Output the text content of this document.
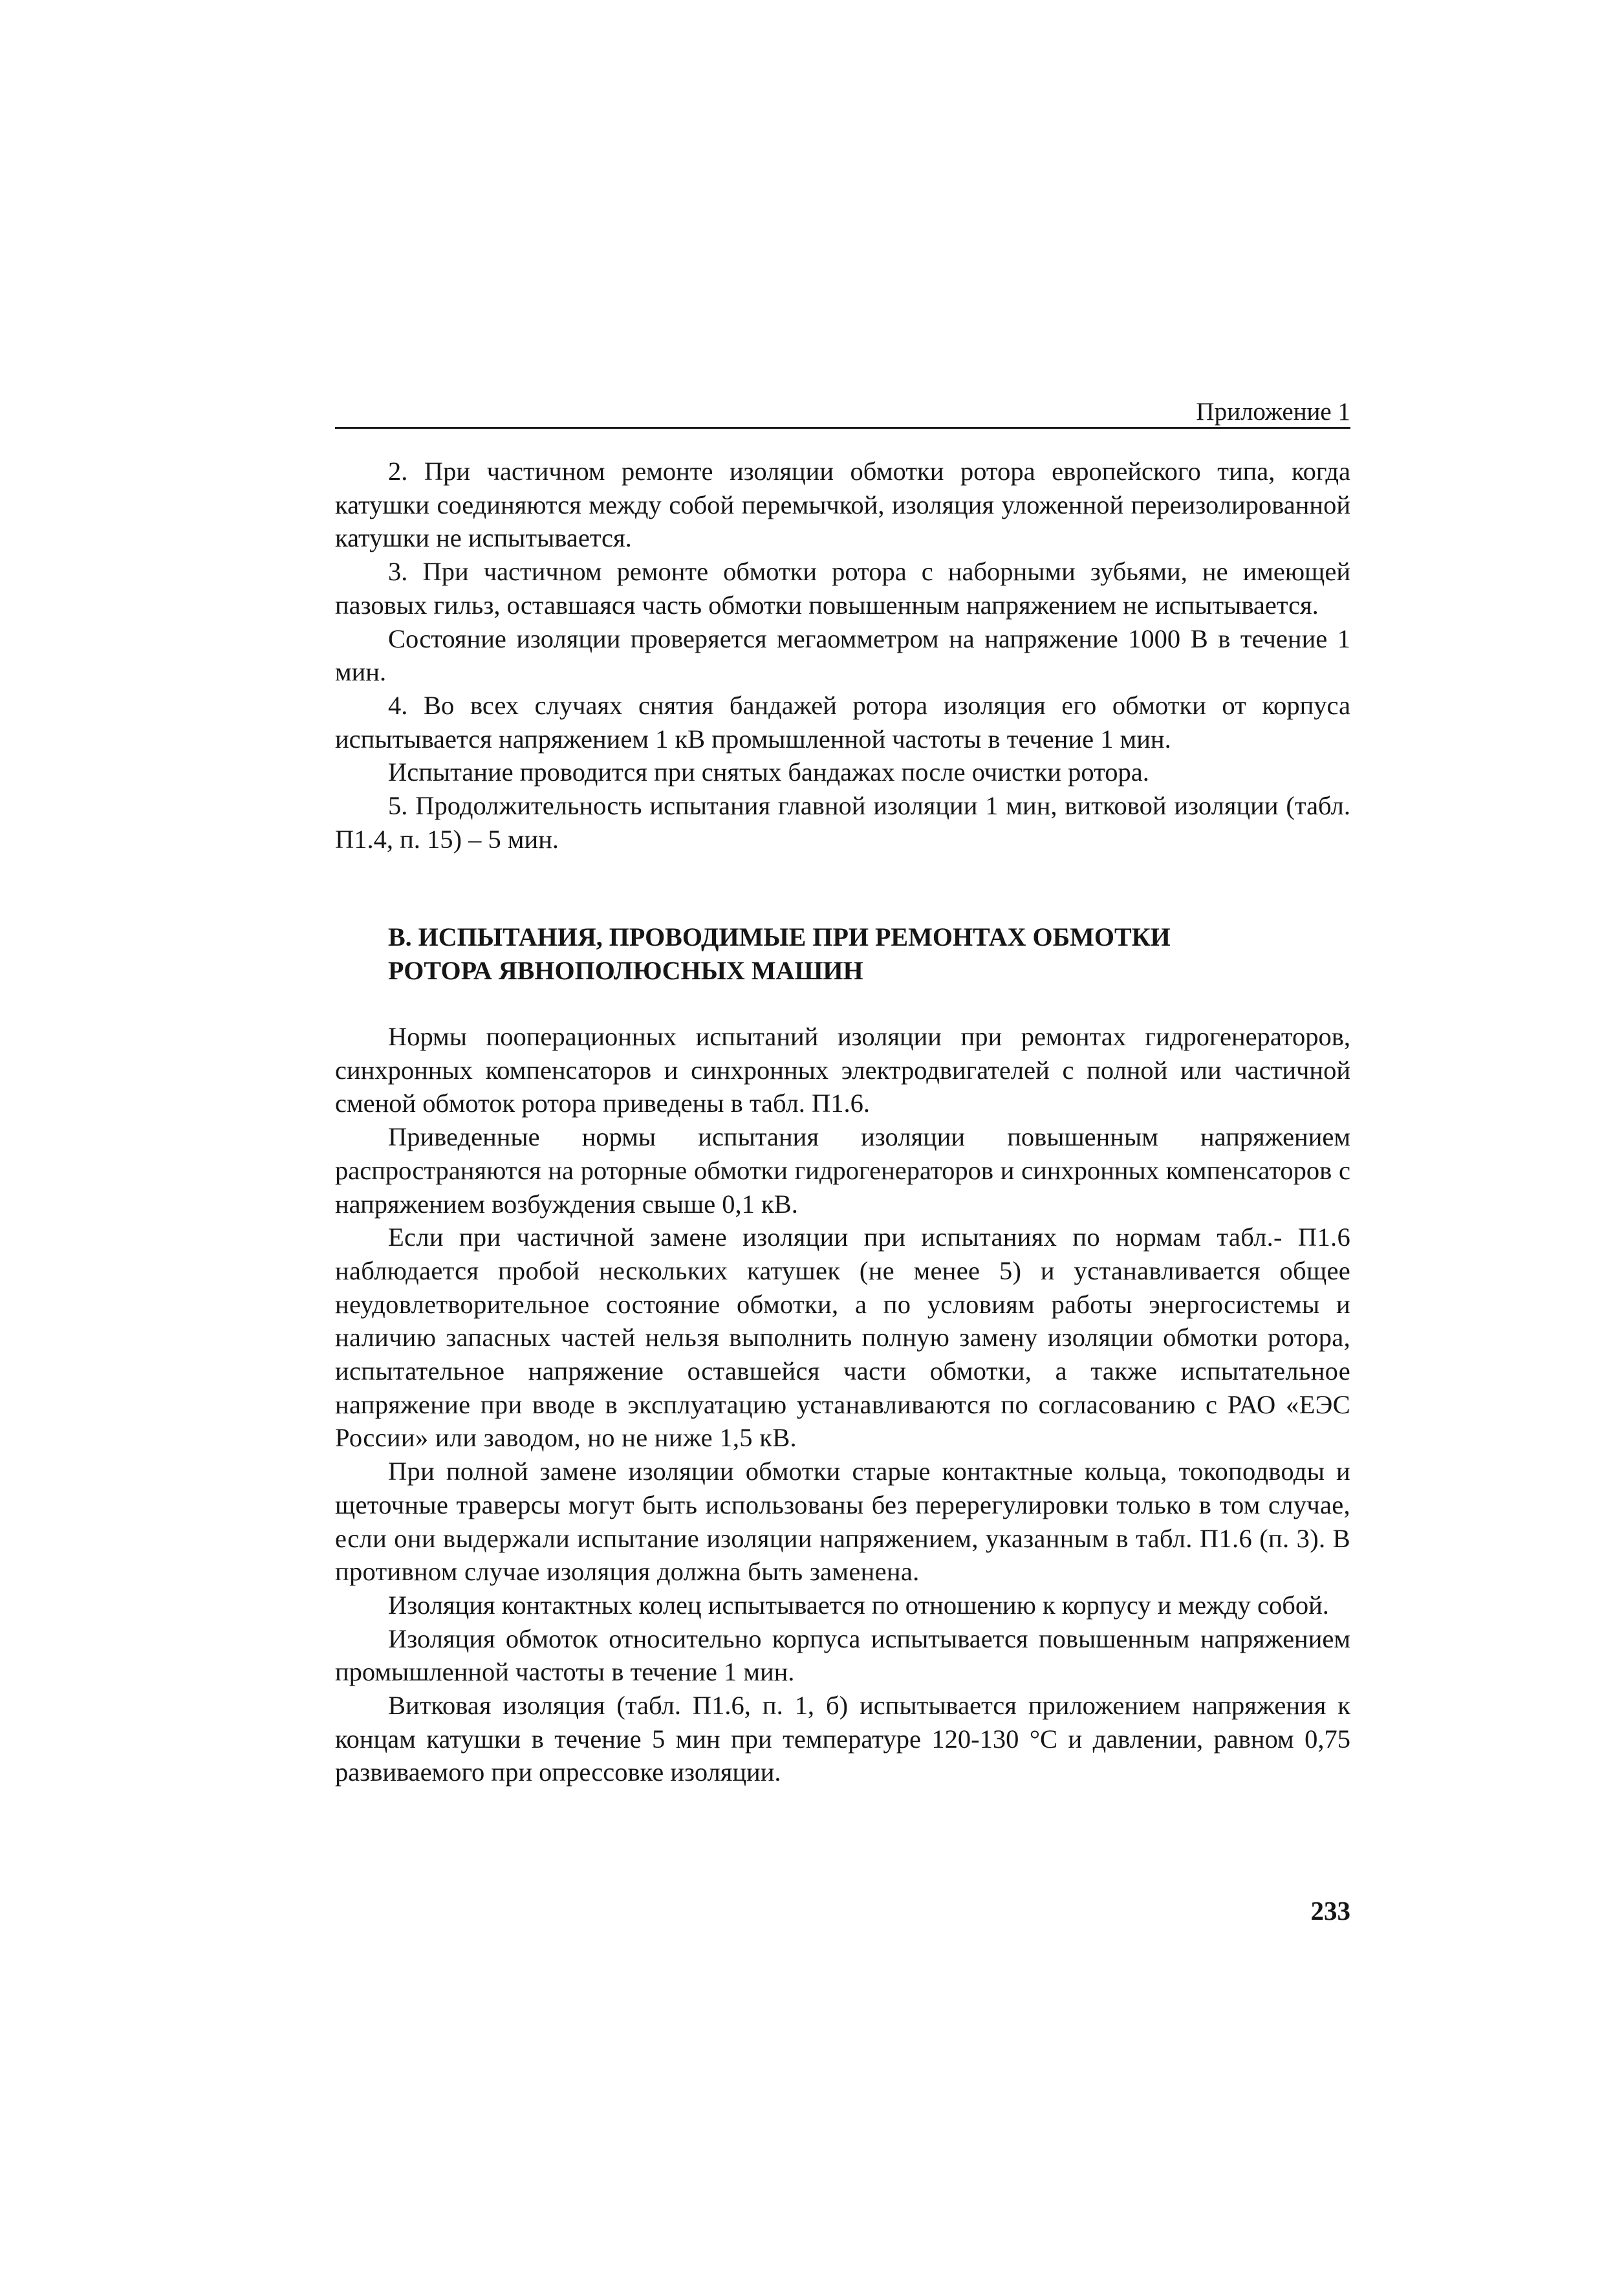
Приложение 1

2. При частичном ремонте изоляции обмотки ротора европейского типа, когда катушки соединяются между собой перемычкой, изоляция уложенной переизолированной катушки не испытывается.

3. При частичном ремонте обмотки ротора с наборными зубьями, не имеющей пазовых гильз, оставшаяся часть обмотки повышенным напряжением не испытывается.

Состояние изоляции проверяется мегаомметром на напряжение 1000 В в течение 1 мин.

4. Во всех случаях снятия бандажей ротора изоляция его обмотки от корпуса испытывается напряжением 1 кВ промышленной частоты в течение 1 мин.

Испытание проводится при снятых бандажах после очистки ротора.

5. Продолжительность испытания главной изоляции 1 мин, витковой изоляции (табл. П1.4, п. 15) – 5 мин.

В. ИСПЫТАНИЯ, ПРОВОДИМЫЕ ПРИ РЕМОНТАХ ОБМОТКИ
РОТОРА ЯВНОПОЛЮСНЫХ МАШИН

Нормы пооперационных испытаний изоляции при ремонтах гидрогенераторов, синхронных компенсаторов и синхронных электродвигателей с полной или частичной сменой обмоток ротора приведены в табл. П1.6.

Приведенные нормы испытания изоляции повышенным напряжением распространяются на роторные обмотки гидрогенераторов и синхронных компенсаторов с напряжением возбуждения свыше 0,1 кВ.

Если при частичной замене изоляции при испытаниях по нормам табл.- П1.6 наблюдается пробой нескольких катушек (не менее 5) и устанавливается общее неудовлетворительное состояние обмотки, а по условиям работы энергосистемы и наличию запасных частей нельзя выполнить полную замену изоляции обмотки ротора, испытательное напряжение оставшейся части обмотки, а также испытательное напряжение при вводе в эксплуатацию устанавливаются по согласованию с РАО «ЕЭС России» или заводом, но не ниже 1,5 кВ.

При полной замене изоляции обмотки старые контактные кольца, токоподводы и щеточные траверсы могут быть использованы без перерегулировки только в том случае, если они выдержали испытание изоляции напряжением, указанным в табл. П1.6 (п. 3). В противном случае изоляция должна быть заменена.

Изоляция контактных колец испытывается по отношению к корпусу и между собой.

Изоляция обмоток относительно корпуса испытывается повышенным напряжением промышленной частоты в течение 1 мин.

Витковая изоляция (табл. П1.6, п. 1, б) испытывается приложением напряжения к концам катушки в течение 5 мин при температуре 120-130 °С и давлении, равном 0,75 развиваемого при опрессовке изоляции.

233
